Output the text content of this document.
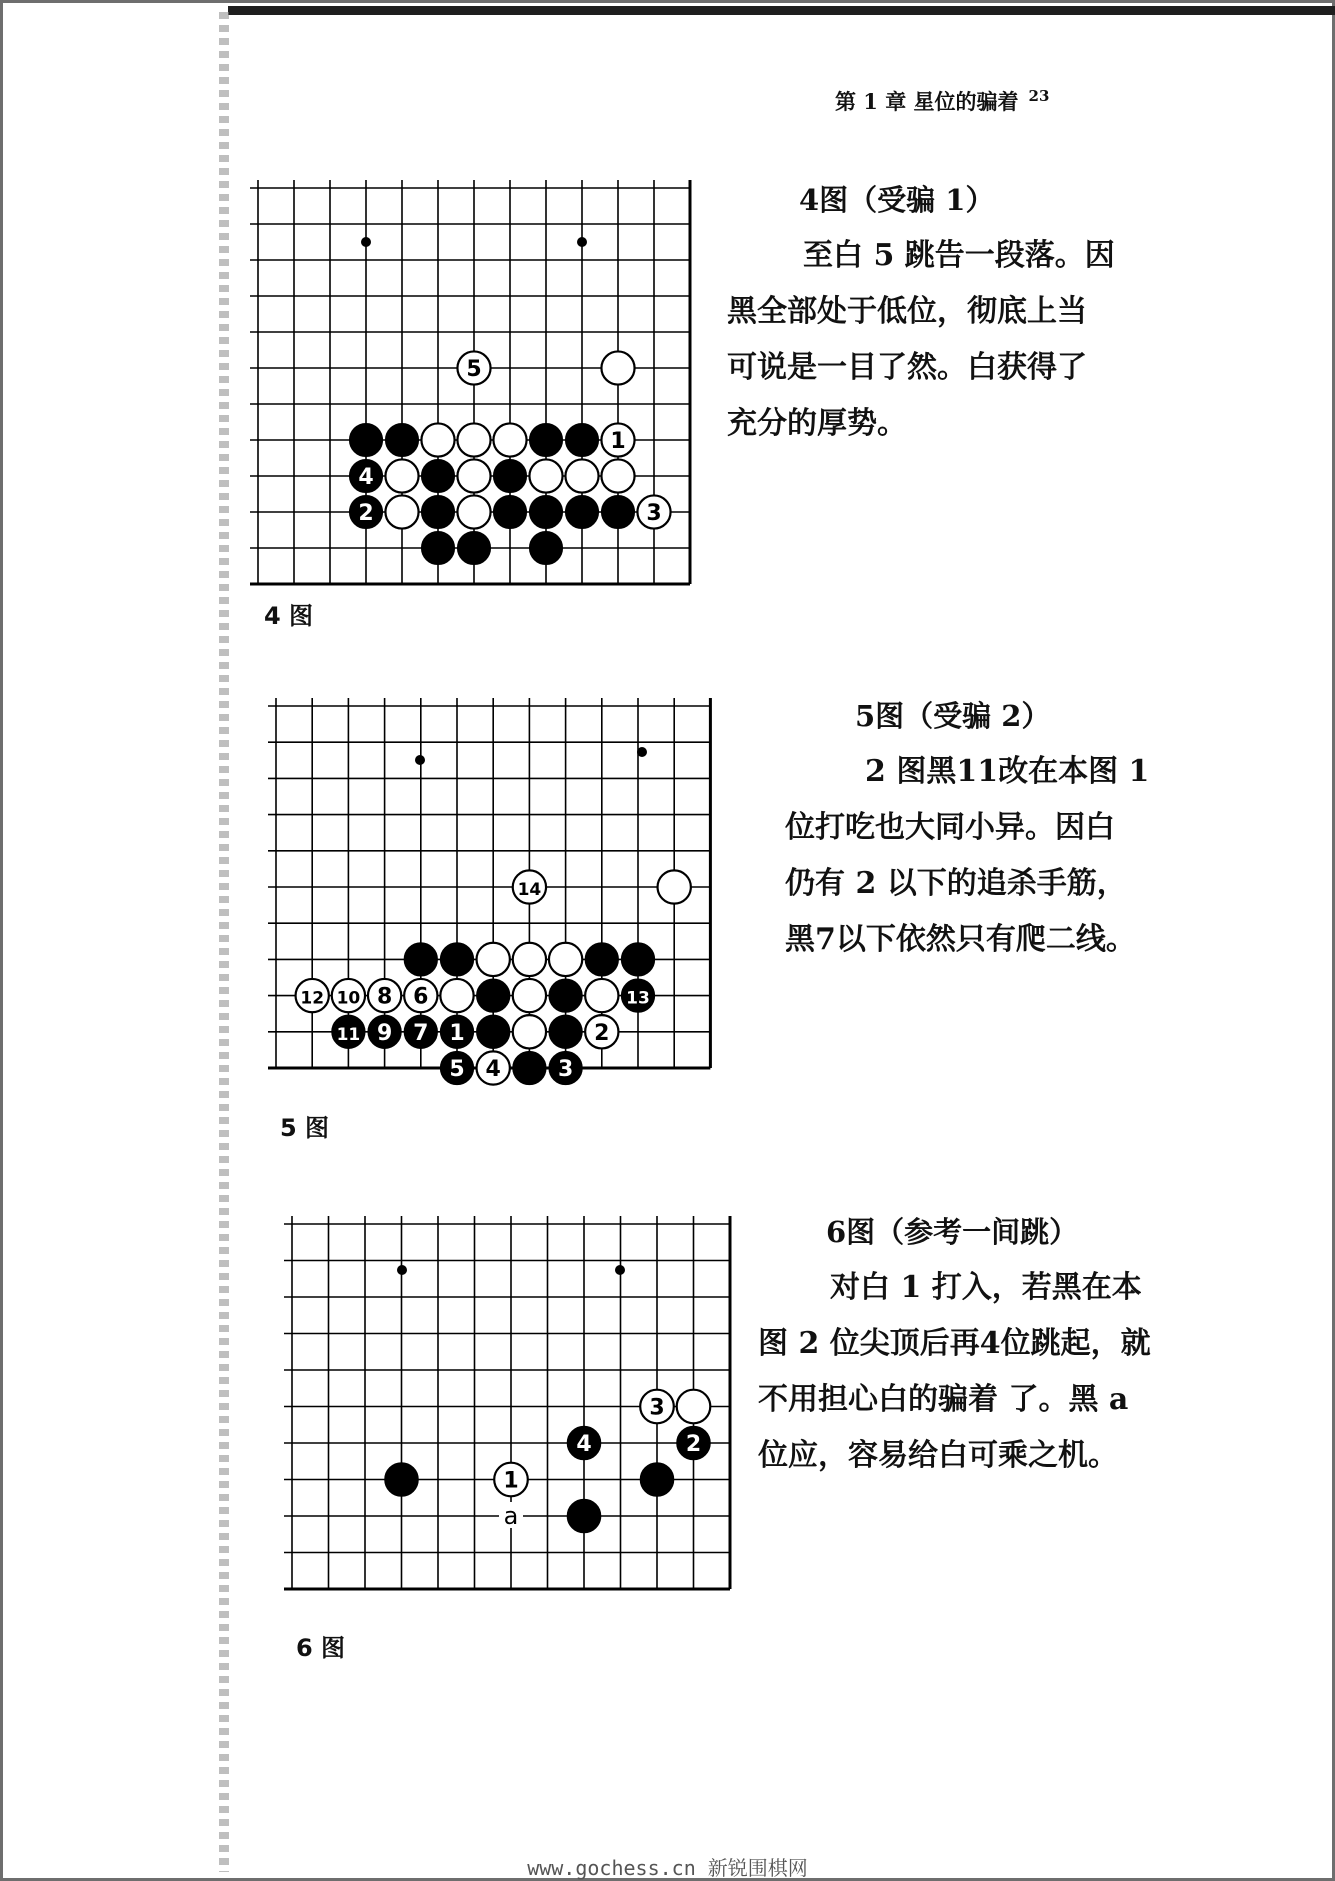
第 1 章 星位的骗着 $^{23}$
5
1
4
2	3
4 图
4图（受骗 1）
至白 5 跳告一段落。因
黑全部处于低位，彻底上当
可说是一目了然。白获得了
充分的厚势。
14
12 10 8 6	13
11 9 7 1	2
5 4	3
5 图
5图（受骗 2）
2 图黑11改在本图 1
位打吃也大同小异。因白
仍有 2 以下的追杀手筋，
黑7以下依然只有爬二线。
3
2
4
1
a
6 图
6图（参考一间跳）
对白 1 打入，若黑在本
图 2 位尖顶后再4位跳起，就
不用担心白的骗着 了。黑 a
位应，容易给白可乘之机。
www.gochess.cn 新锐围棋网
